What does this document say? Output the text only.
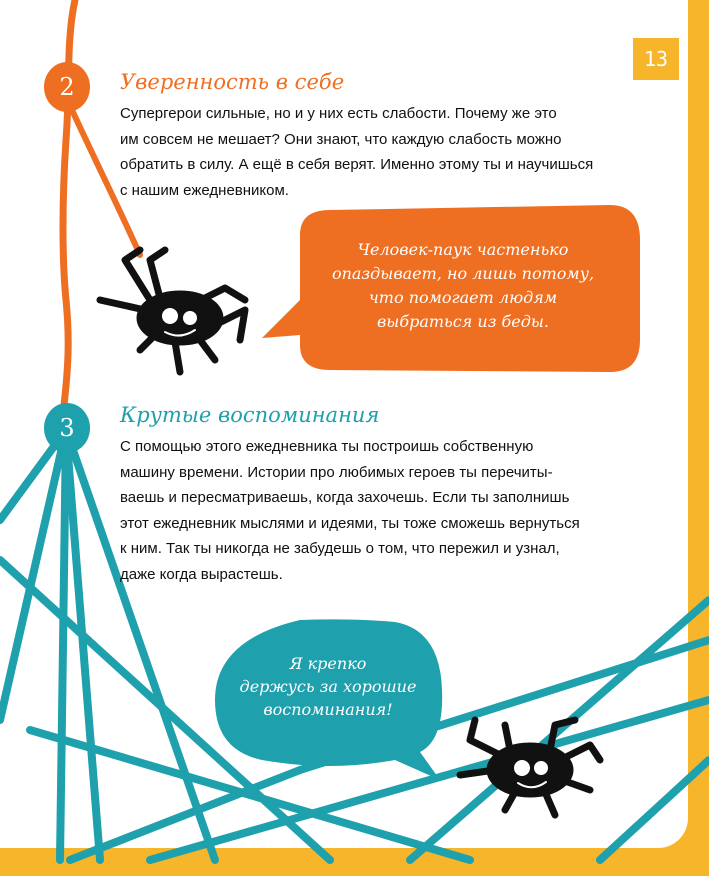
13
2	Уверенность в себе
Супергерои сильные, но и у них есть слабости. Почему же это
им совсем не мешает? Они знают, что каждую слабость можно
обратить в силу. А ещё в себя верят. Именно этому ты и научишься
с нашим ежедневником.
Человек-паук частенько
опаздывает, но лишь потому,
что помогает людям
выбраться из беды.
3	Крутые воспоминания
С помощью этого ежедневника ты построишь собственную
машину времени. Истории про любимых героев ты перечиты-
ваешь и пересматриваешь, когда захочешь. Если ты заполнишь
этот ежедневник мыслями и идеями, ты тоже сможешь вернуться
к ним. Так ты никогда не забудешь о том, что пережил и узнал,
даже когда вырастешь.
Я крепко
держусь за хорошие
воспоминания!
